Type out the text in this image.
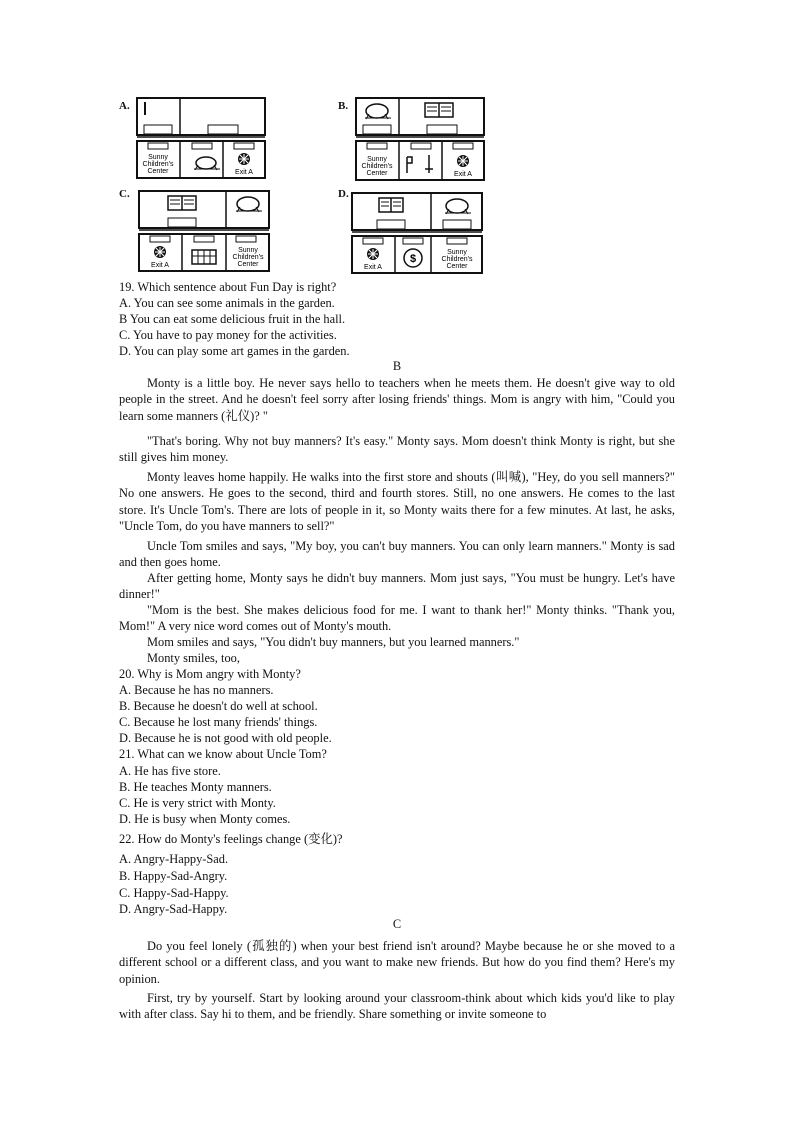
A.
Sunny
Children's
Center	Exit A
B.
Sunny
Children's
Center	Exit A
C.
Exit A
Sunny
Children's
Center
D.
Exit A
$
Sunny
Children's
Center
19. Which sentence about Fun Day is right?
A. You can see some animals in the garden.
B You can eat some delicious fruit in the hall.
C. You have to pay money for the activities.
D. You can play some art games in the garden.
B
Monty is a little boy. He never says hello to teachers when he meets them. He doesn't give way to old people in the street. And he doesn't feel sorry after losing friends' things. Mom is angry with him, "Could you learn some manners (礼仪)? "
"That's boring. Why not buy manners? It's easy." Monty says. Mom doesn't think Monty is right, but she still gives him money.
Monty leaves home happily. He walks into the first store and shouts (叫喊), "Hey, do you sell manners?" No one answers. He goes to the second, third and fourth stores. Still, no one answers. He comes to the last store. It's Uncle Tom's. There are lots of people in it, so Monty waits there for a few minutes. At last, he asks, "Uncle Tom, do you have manners to sell?"
Uncle Tom smiles and says, "My boy, you can't buy manners. You can only learn manners." Monty is sad and then goes home.
After getting home, Monty says he didn't buy manners. Mom just says, "You must be hungry. Let's have dinner!"
"Mom is the best. She makes delicious food for me. I want to thank her!" Monty thinks. "Thank you, Mom!" A very nice word comes out of Monty's mouth.
Mom smiles and says, "You didn't buy manners, but you learned manners."
Monty smiles, too,
20. Why is Mom angry with Monty?
A. Because he has no manners.
B. Because he doesn't do well at school.
C. Because he lost many friends' things.
D. Because he is not good with old people.
21. What can we know about Uncle Tom?
A. He has five store.
B. He teaches Monty manners.
C. He is very strict with Monty.
D. He is busy when Monty comes.
22. How do Monty's feelings change (变化)?
A. Angry-Happy-Sad.
B. Happy-Sad-Angry.
C. Happy-Sad-Happy.
D. Angry-Sad-Happy.
C
Do you feel lonely (孤独的) when your best friend isn't around? Maybe because he or she moved to a different school or a different class, and you want to make new friends. But how do you find them? Here's my opinion.
First, try by yourself. Start by looking around your classroom-think about which kids you'd like to play with after class. Say hi to them, and be friendly. Share something or invite someone to
